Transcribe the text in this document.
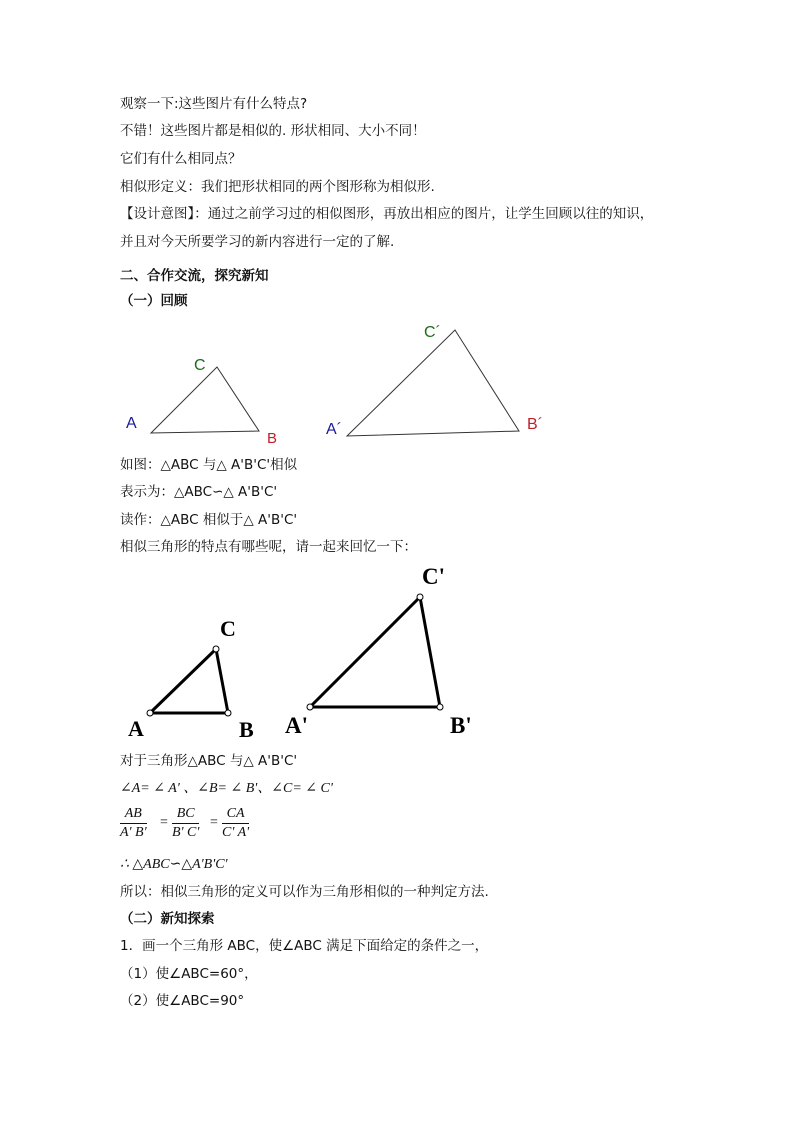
观察一下:这些图片有什么特点?
不错！这些图片都是相似的. 形状相同、大小不同！
它们有什么相同点？
相似形定义：我们把形状相同的两个图形称为相似形.
【设计意图】：通过之前学习过的相似图形，再放出相应的图片，让学生回顾以往的知识，
并且对今天所要学习的新内容进行一定的了解.
二、合作交流，探究新知
（一）回顾
A
B
C
A´	B´
C´
如图：△ABC 与△ A'B'C'相似
表示为：△ABC∽△ A'B'C'
读作：△ABC 相似于△ A'B'C'
相似三角形的特点有哪些呢，请一起来回忆一下：
A	B
C
A'	B'
C'
对于三角形△ABC 与△ A'B'C'
∠A= ∠ A' 、∠B= ∠ B'、∠C= ∠ C'
$\frac{AB}{A' B'} = \frac{BC}{B' C'} = \frac{CA}{C' A'}$
∴ △ABC∽△A'B'C'
所以：相似三角形的定义可以作为三角形相似的一种判定方法.
（二）新知探索
1．画一个三角形 ABC，使∠ABC 满足下面给定的条件之一，
（1）使∠ABC=60°，
（2）使∠ABC=90°
